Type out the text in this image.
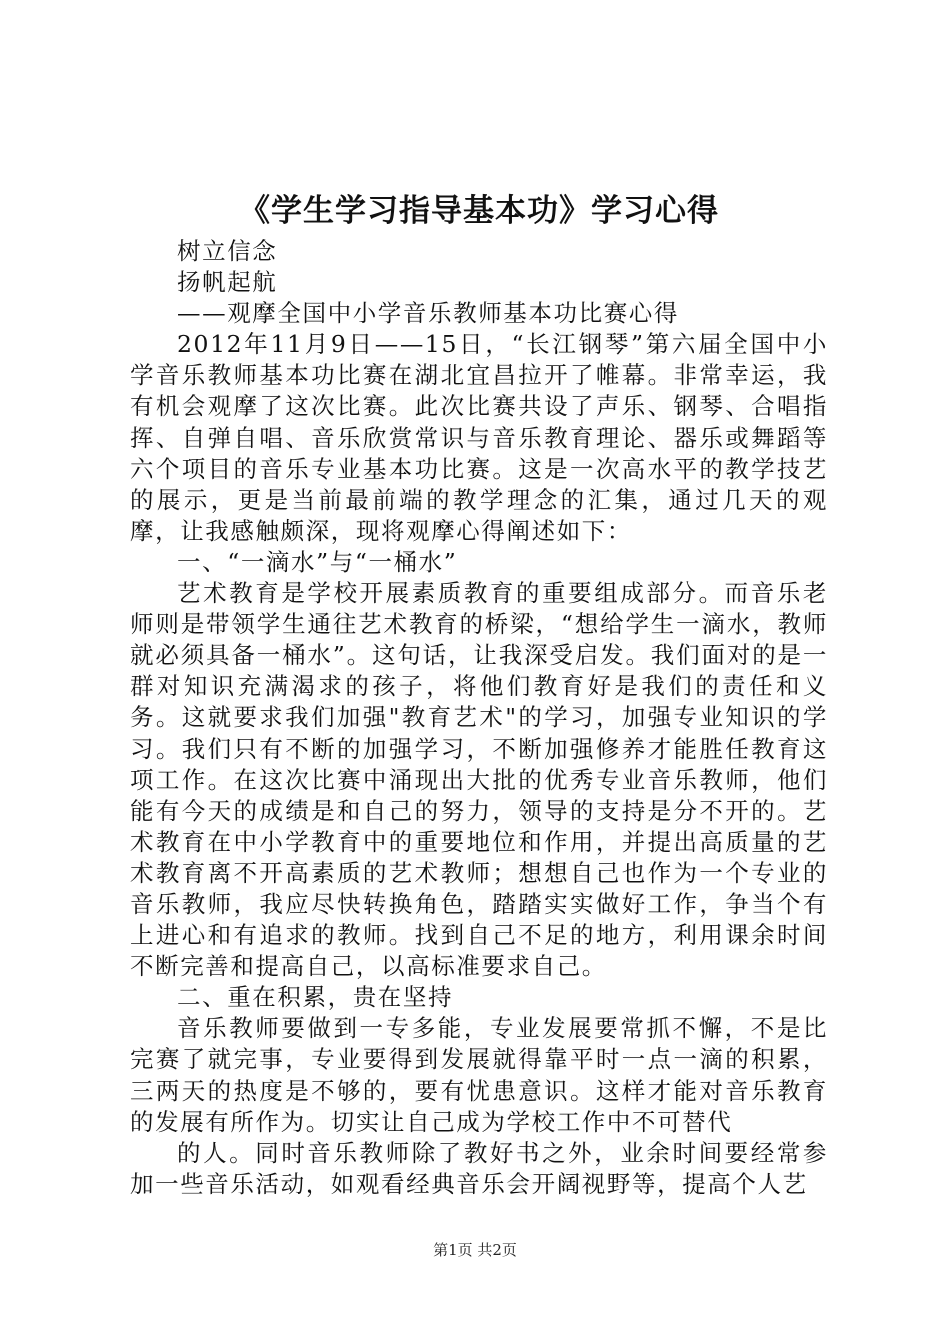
《学生学习指导基本功》学习心得

树立信念

扬帆起航

——观摩全国中小学音乐教师基本功比赛心得

2012年11月9日——15日，“长江钢琴”第六届全国中小学音乐教师基本功比赛在湖北宜昌拉开了帷幕。非常幸运，我有机会观摩了这次比赛。此次比赛共设了声乐、钢琴、合唱指挥、自弹自唱、音乐欣赏常识与音乐教育理论、器乐或舞蹈等六个项目的音乐专业基本功比赛。这是一次高水平的教学技艺的展示，更是当前最前端的教学理念的汇集，通过几天的观摩，让我感触颇深，现将观摩心得阐述如下：

一、“一滴水”与“一桶水”

艺术教育是学校开展素质教育的重要组成部分。而音乐老师则是带领学生通往艺术教育的桥梁，“想给学生一滴水，教师就必须具备一桶水”。这句话，让我深受启发。我们面对的是一群对知识充满渴求的孩子，将他们教育好是我们的责任和义务。这就要求我们加强"教育艺术"的学习，加强专业知识的学习。我们只有不断的加强学习，不断加强修养才能胜任教育这项工作。在这次比赛中涌现出大批的优秀专业音乐教师，他们能有今天的成绩是和自己的努力，领导的支持是分不开的。艺术教育在中小学教育中的重要地位和作用，并提出高质量的艺术教育离不开高素质的艺术教师；想想自己也作为一个专业的音乐教师，我应尽快转换角色，踏踏实实做好工作，争当个有上进心和有追求的教师。找到自己不足的地方，利用课余时间不断完善和提高自己，以高标准要求自己。

二、重在积累，贵在坚持

音乐教师要做到一专多能，专业发展要常抓不懈，不是比完赛了就完事，专业要得到发展就得靠平时一点一滴的积累，三两天的热度是不够的，要有忧患意识。这样才能对音乐教育的发展有所作为。切实让自己成为学校工作中不可替代

的人。同时音乐教师除了教好书之外，业余时间要经常参加一些音乐活动，如观看经典音乐会开阔视野等，提高个人艺

第1页 共2页
